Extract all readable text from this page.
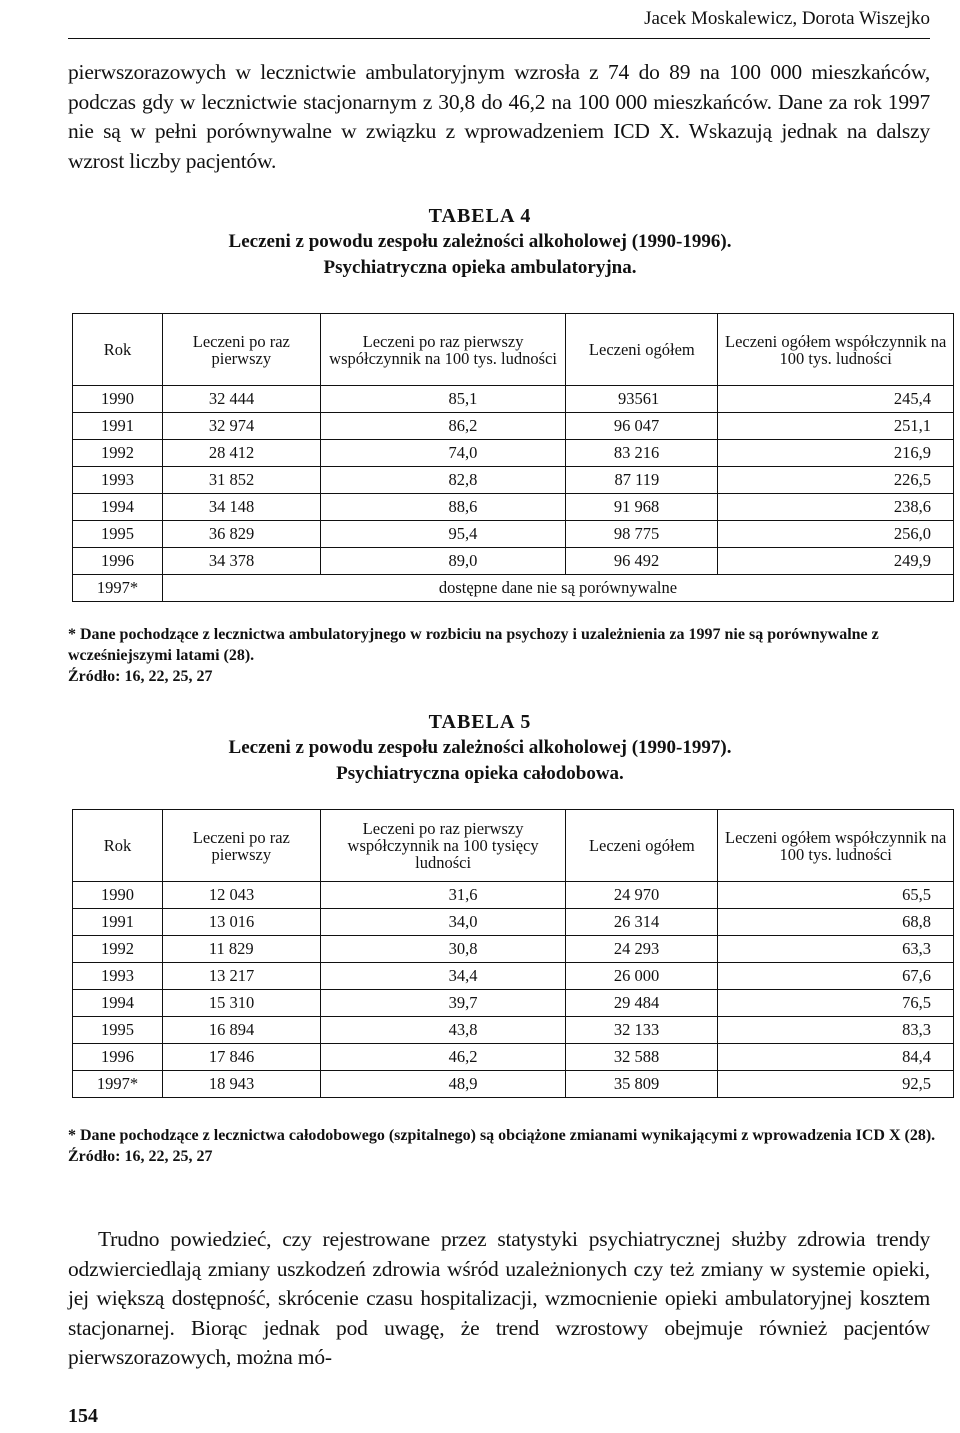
Jacek Moskalewicz, Dorota Wiszejko

pierwszorazowych w lecznictwie ambulatoryjnym wzrosła z 74 do 89 na 100 000 mieszkańców, podczas gdy w lecznictwie stacjonarnym z 30,8 do 46,2 na 100 000 mieszkańców. Dane za rok 1997 nie są w pełni porównywalne w związku z wprowadzeniem ICD X. Wskazują jednak na dalszy wzrost liczby pacjentów.

TABELA 4
Leczeni z powodu zespołu zależności alkoholowej (1990-1996).
Psychiatryczna opieka ambulatoryjna.
Rok	Leczeni po raz pierwszy	Leczeni po raz pierwszy współczynnik na 100 tys. ludności	Leczeni ogółem	Leczeni ogółem współczynnik na 100 tys. ludności
1990	32 444	85,1	93561	245,4
1991	32 974	86,2	96 047	251,1
1992	28 412	74,0	83 216	216,9
1993	31 852	82,8	87 119	226,5
1994	34 148	88,6	91 968	238,6
1995	36 829	95,4	98 775	256,0
1996	34 378	89,0	96 492	249,9
1997*	dostępne dane nie są porównywalne			

* Dane pochodzące z lecznictwa ambulatoryjnego w rozbiciu na psychozy i uzależnienia za 1997 nie są porównywalne z wcześniejszymi latami (28).

Źródło: 16, 22, 25, 27

TABELA 5
Leczeni z powodu zespołu zależności alkoholowej (1990-1997).
Psychiatryczna opieka całodobowa.
Rok	Leczeni po raz pierwszy	Leczeni po raz pierwszy współczynnik na 100 tysięcy ludności	Leczeni ogółem	Leczeni ogółem współczynnik na 100 tys. ludności
1990	12 043	31,6	24 970	65,5
1991	13 016	34,0	26 314	68,8
1992	11 829	30,8	24 293	63,3
1993	13 217	34,4	26 000	67,6
1994	15 310	39,7	29 484	76,5
1995	16 894	43,8	32 133	83,3
1996	17 846	46,2	32 588	84,4
1997*	18 943	48,9	35 809	92,5

* Dane pochodzące z lecznictwa całodobowego (szpitalnego) są obciążone zmianami wynikającymi z wprowadzenia ICD X (28).

Źródło: 16, 22, 25, 27

Trudno powiedzieć, czy rejestrowane przez statystyki psychiatrycznej służby zdrowia trendy odzwierciedlają zmiany uszkodzeń zdrowia wśród uzależnionych czy też zmiany w systemie opieki, jej większą dostępność, skrócenie czasu hospitalizacji, wzmocnienie opieki ambulatoryjnej kosztem stacjonarnej. Biorąc jednak pod uwagę, że trend wzrostowy obejmuje również pacjentów pierwszorazowych, można mó-

154
